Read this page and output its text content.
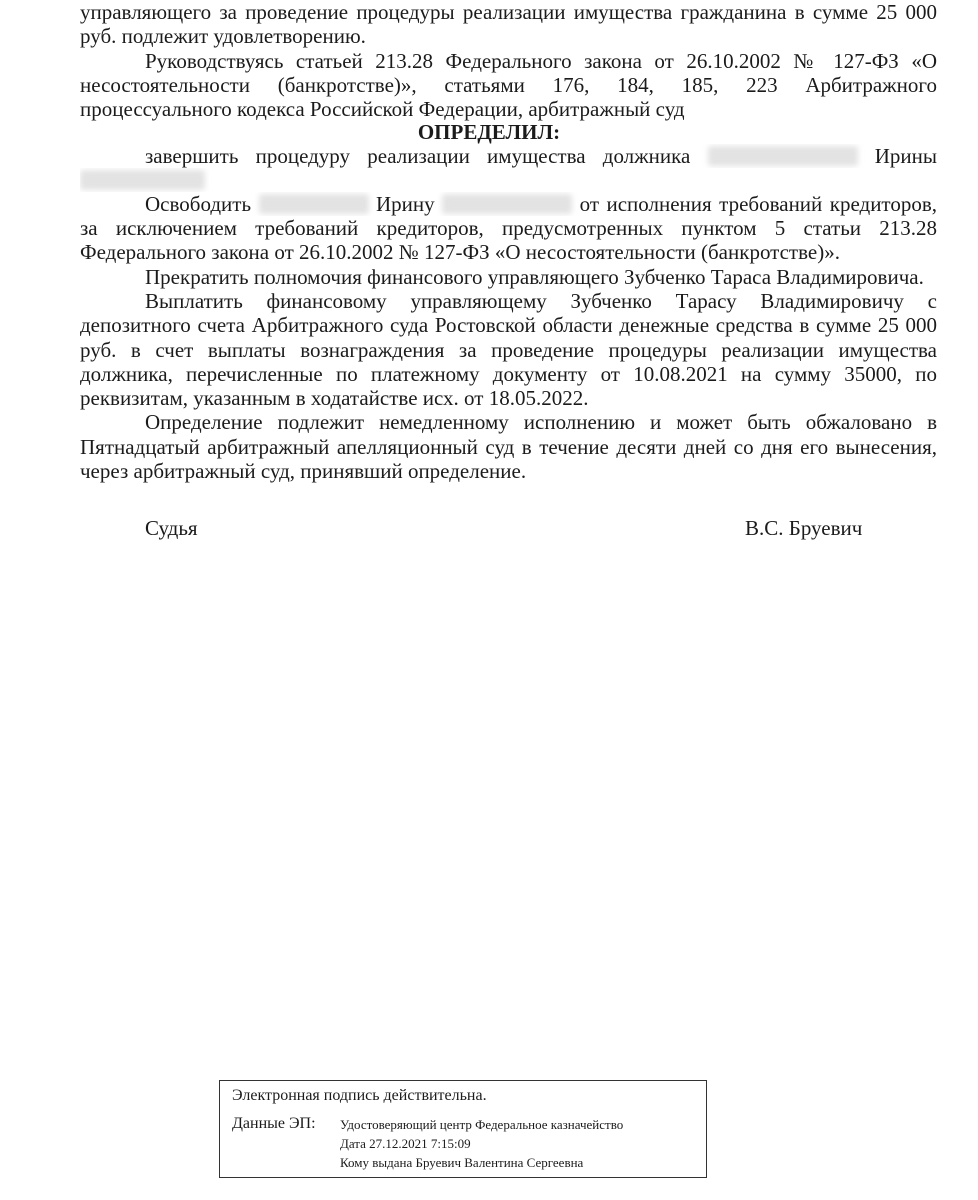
управляющего за проведение процедуры реализации имущества гражданина в сумме 25 000
руб. подлежит удовлетворению.
Руководствуясь статьей 213.28 Федерального закона от 26.10.2002 № 127-ФЗ «О
несостоятельности (банкротстве)», статьями 176, 184, 185, 223 Арбитражного
процессуального кодекса Российской Федерации, арбитражный суд
ОПРЕДЕЛИЛ:
завершить процедуру реализации имущества должника	Ирины
Освободить	Ирину	от исполнения требований кредиторов,
за исключением требований кредиторов, предусмотренных пунктом 5 статьи 213.28
Федерального закона от 26.10.2002 № 127-ФЗ «О несостоятельности (банкротстве)».
Прекратить полномочия финансового управляющего Зубченко Тараса Владимировича.
Выплатить финансовому управляющему Зубченко Тарасу Владимировичу с
депозитного счета Арбитражного суда Ростовской области денежные средства в сумме 25 000
руб. в счет выплаты вознаграждения за проведение процедуры реализации имущества
должника, перечисленные по платежному документу от 10.08.2021 на сумму 35000, по
реквизитам, указанным в ходатайстве исх. от 18.05.2022.
Определение подлежит немедленному исполнению и может быть обжаловано в
Пятнадцатый арбитражный апелляционный суд в течение десяти дней со дня его вынесения,
через арбитражный суд, принявший определение.
Судья	В.С. Бруевич
Электронная подпись действительна.
Данные ЭП: Удостоверяющий центр Федеральное казначейство
Дата 27.12.2021 7:15:09
Кому выдана Бруевич Валентина Сергеевна
